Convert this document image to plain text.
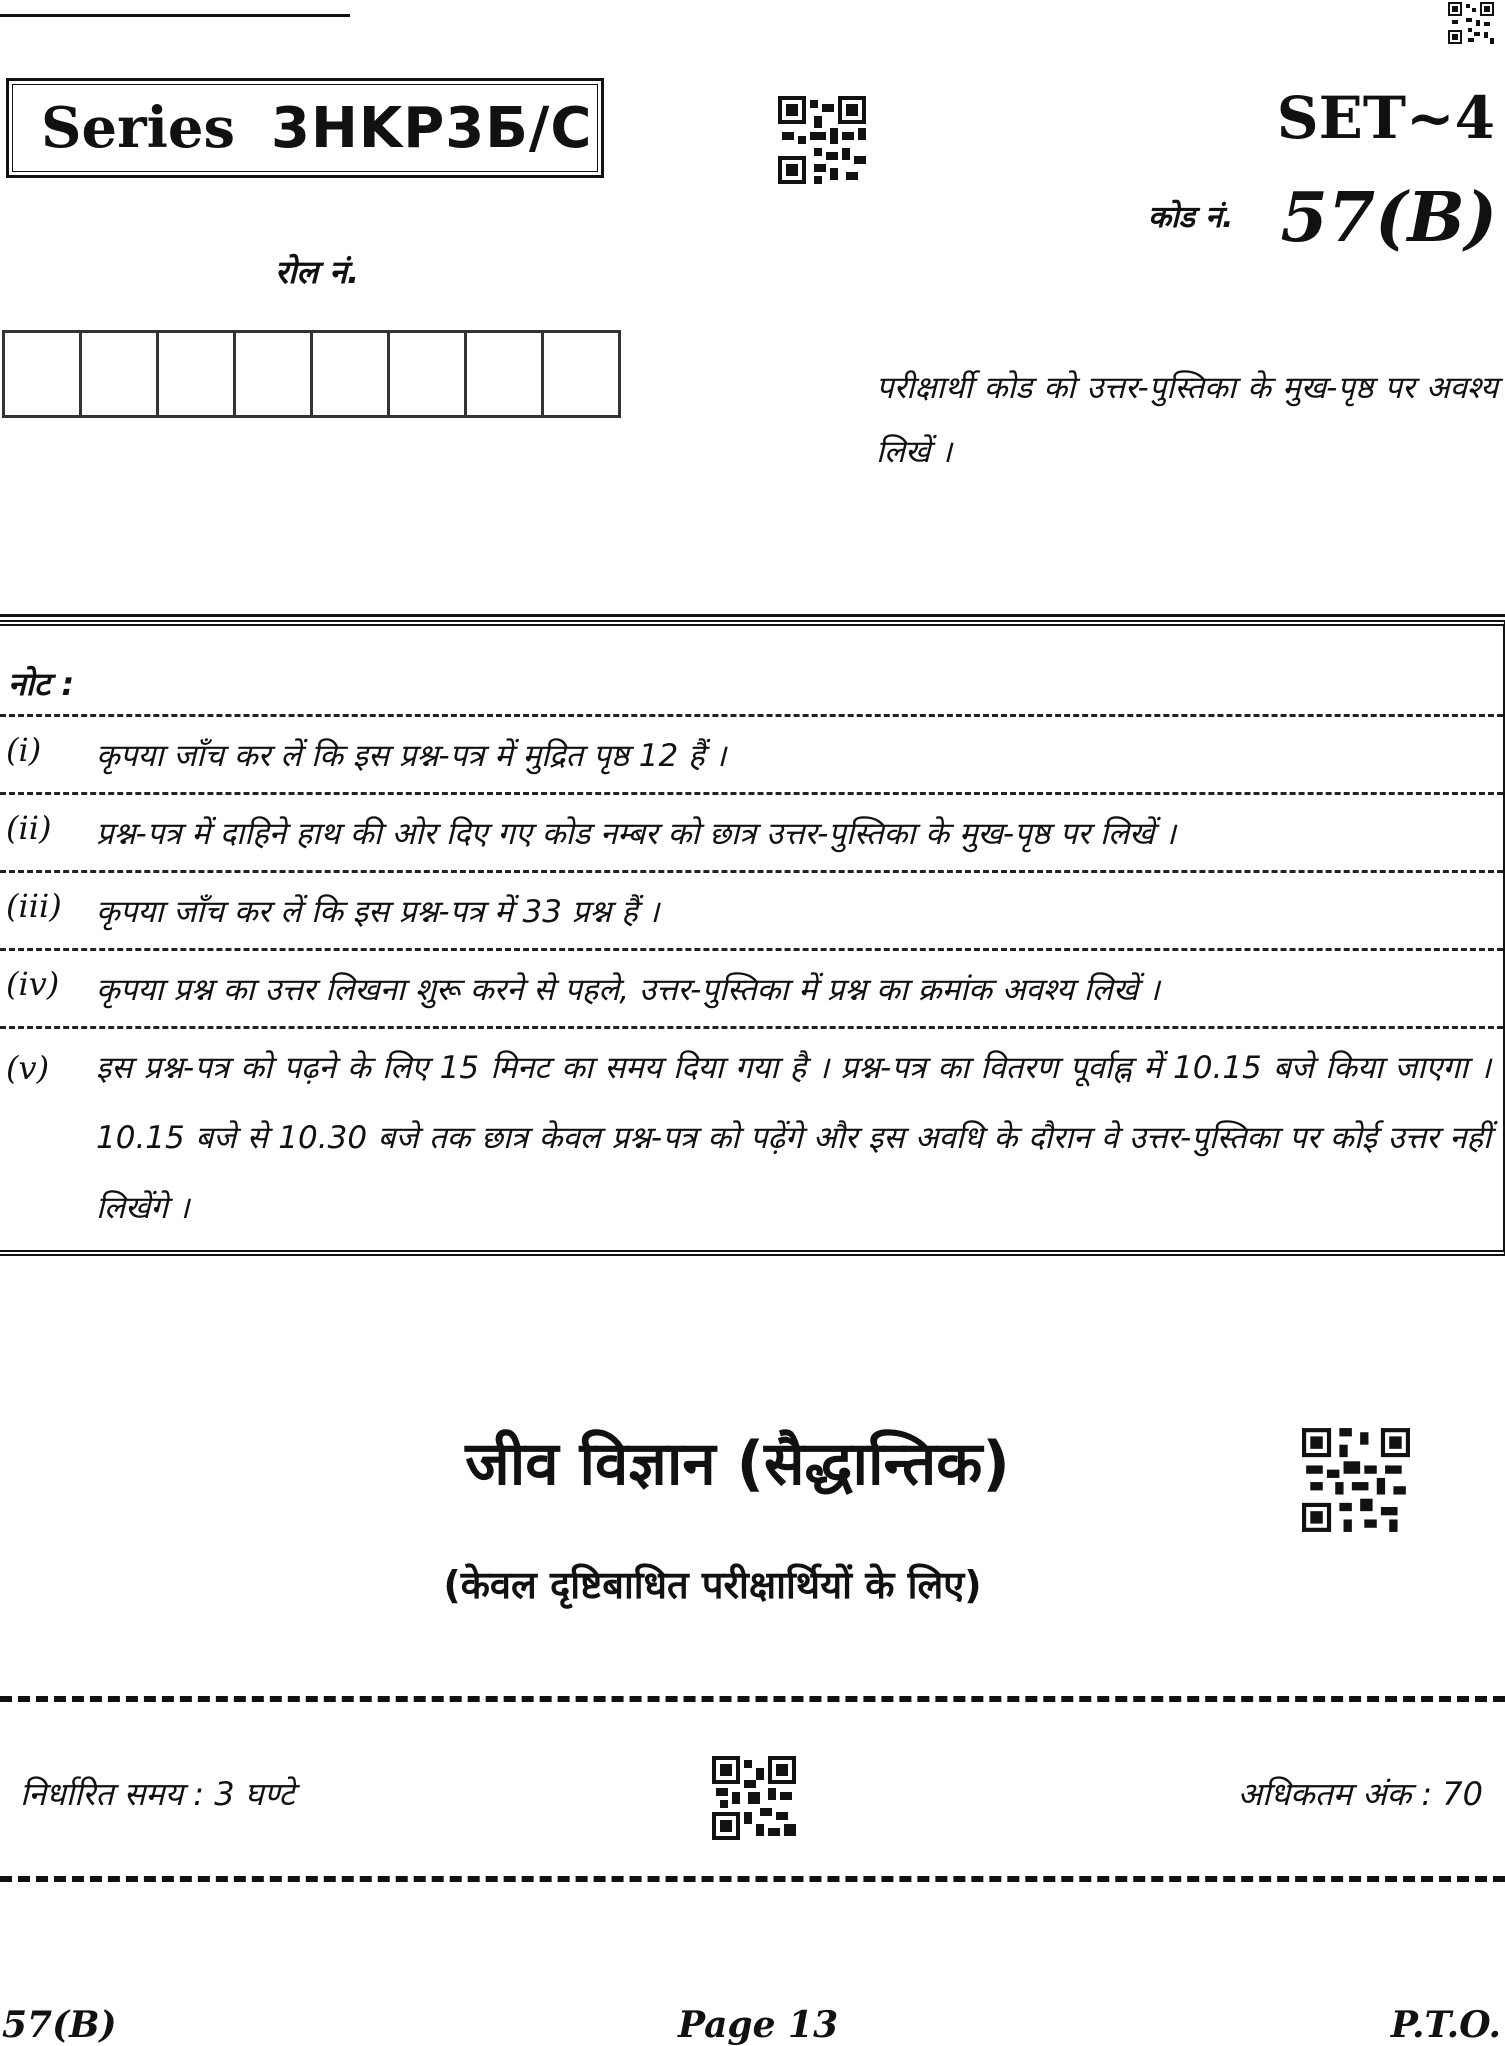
Series 3HKP3Б/C	SET~4
कोड नं. 57(B)
रोल नं.
परीक्षार्थी कोड को उत्तर-पुस्तिका के मुख-पृष्ठ पर अवश्य लिखें ।
नोट :
(i) कृपया जाँच कर लें कि इस प्रश्न-पत्र में मुद्रित पृष्ठ 12 हैं ।
(ii) प्रश्न-पत्र में दाहिने हाथ की ओर दिए गए कोड नम्बर को छात्र उत्तर-पुस्तिका के मुख-पृष्ठ पर लिखें ।
(iii) कृपया जाँच कर लें कि इस प्रश्न-पत्र में 33 प्रश्न हैं ।
(iv) कृपया प्रश्न का उत्तर लिखना शुरू करने से पहले, उत्तर-पुस्तिका में प्रश्न का क्रमांक अवश्य लिखें ।
(v) इस प्रश्न-पत्र को पढ़ने के लिए 15 मिनट का समय दिया गया है । प्रश्न-पत्र का वितरण पूर्वाह्न में 10.15 बजे किया जाएगा । 10.15 बजे से 10.30 बजे तक छात्र केवल प्रश्न-पत्र को पढ़ेंगे और इस अवधि के दौरान वे उत्तर-पुस्तिका पर कोई उत्तर नहीं लिखेंगे ।
जीव विज्ञान (सैद्धान्तिक)
(केवल दृष्टिबाधित परीक्षार्थियों के लिए)
निर्धारित समय : 3 घण्टे	अधिकतम अंक : 70
57(B)	Page 13	P.T.O.
